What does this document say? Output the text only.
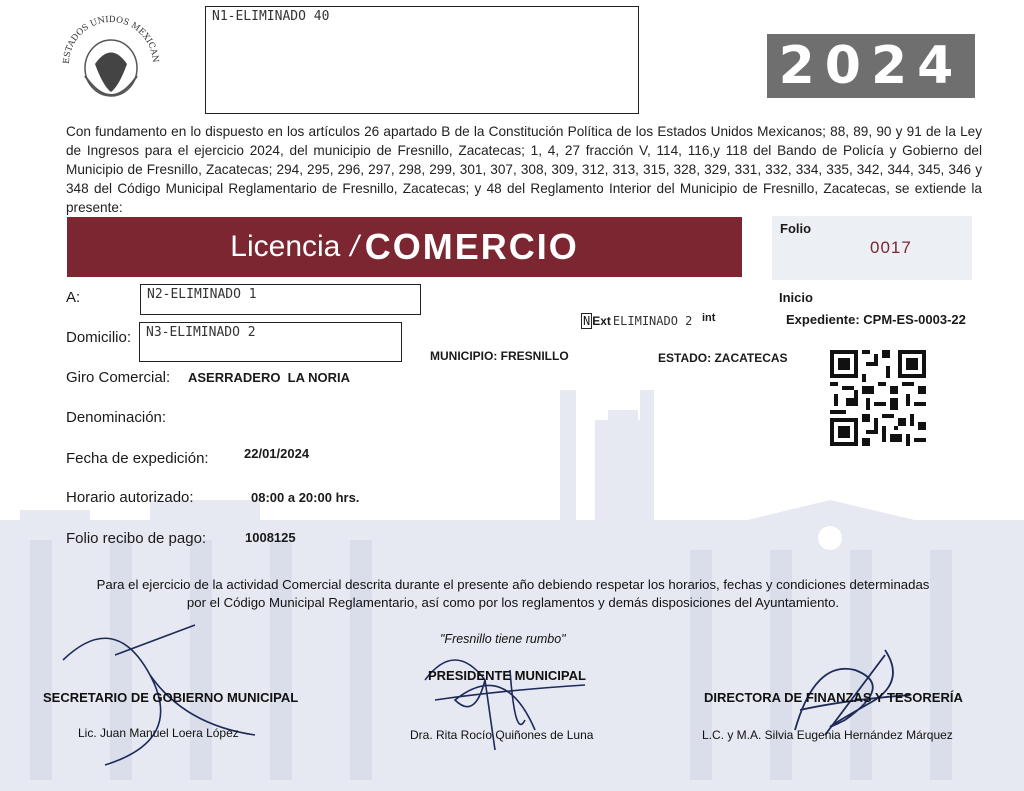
ESTADOS UNIDOS MEXICAN
N1-ELIMINADO 40
2024
Con fundamento en lo dispuesto en los artículos 26 apartado B de la Constitución Política de los Estados Unidos Mexicanos; 88, 89, 90 y 91 de la Ley de Ingresos para el ejercicio 2024, del municipio de Fresnillo, Zacatecas; 1, 4, 27 fracción V, 114, 116,y 118 del Bando de Policía y Gobierno del Municipio de Fresnillo, Zacatecas; 294, 295, 296, 297, 298, 299, 301, 307, 308, 309, 312, 313, 315, 328, 329, 331, 332, 334, 335, 342, 344, 345, 346 y 348 del Código Municipal Reglamentario de Fresnillo, Zacatecas; y 48 del Reglamento Interior del Municipio de Fresnillo, Zacatecas, se extiende la presente:
Licencia / COMERCIO	Folio
0017
Inicio
Expediente: CPM-ES-0003-22
A:	N2-ELIMINADO 1
Domicilio:	N3-ELIMINADO 2
N Ext ELIMINADO 2 int
MUNICIPIO: FRESNILLO	ESTADO: ZACATECAS
Giro Comercial: ASERRADERO  LA NORIA
Denominación:
Fecha de expedición:	22/01/2024
Horario autorizado:	08:00 a 20:00 hrs.
Folio recibo de pago:	1008125
Para el ejercicio de la actividad Comercial descrita durante el presente año debiendo respetar los horarios, fechas y condiciones determinadas
por el Código Municipal Reglamentario, así como por los reglamentos y demás disposiciones del Ayuntamiento.
"Fresnillo tiene rumbo"
SECRETARIO DE GOBIERNO MUNICIPAL
Lic. Juan Manuel Loera López
PRESIDENTE MUNICIPAL
Dra. Rita Rocío Quiñones de Luna
DIRECTORA DE FINANZAS Y TESORERÍA
L.C. y M.A. Silvia Eugenia Hernández Márquez
